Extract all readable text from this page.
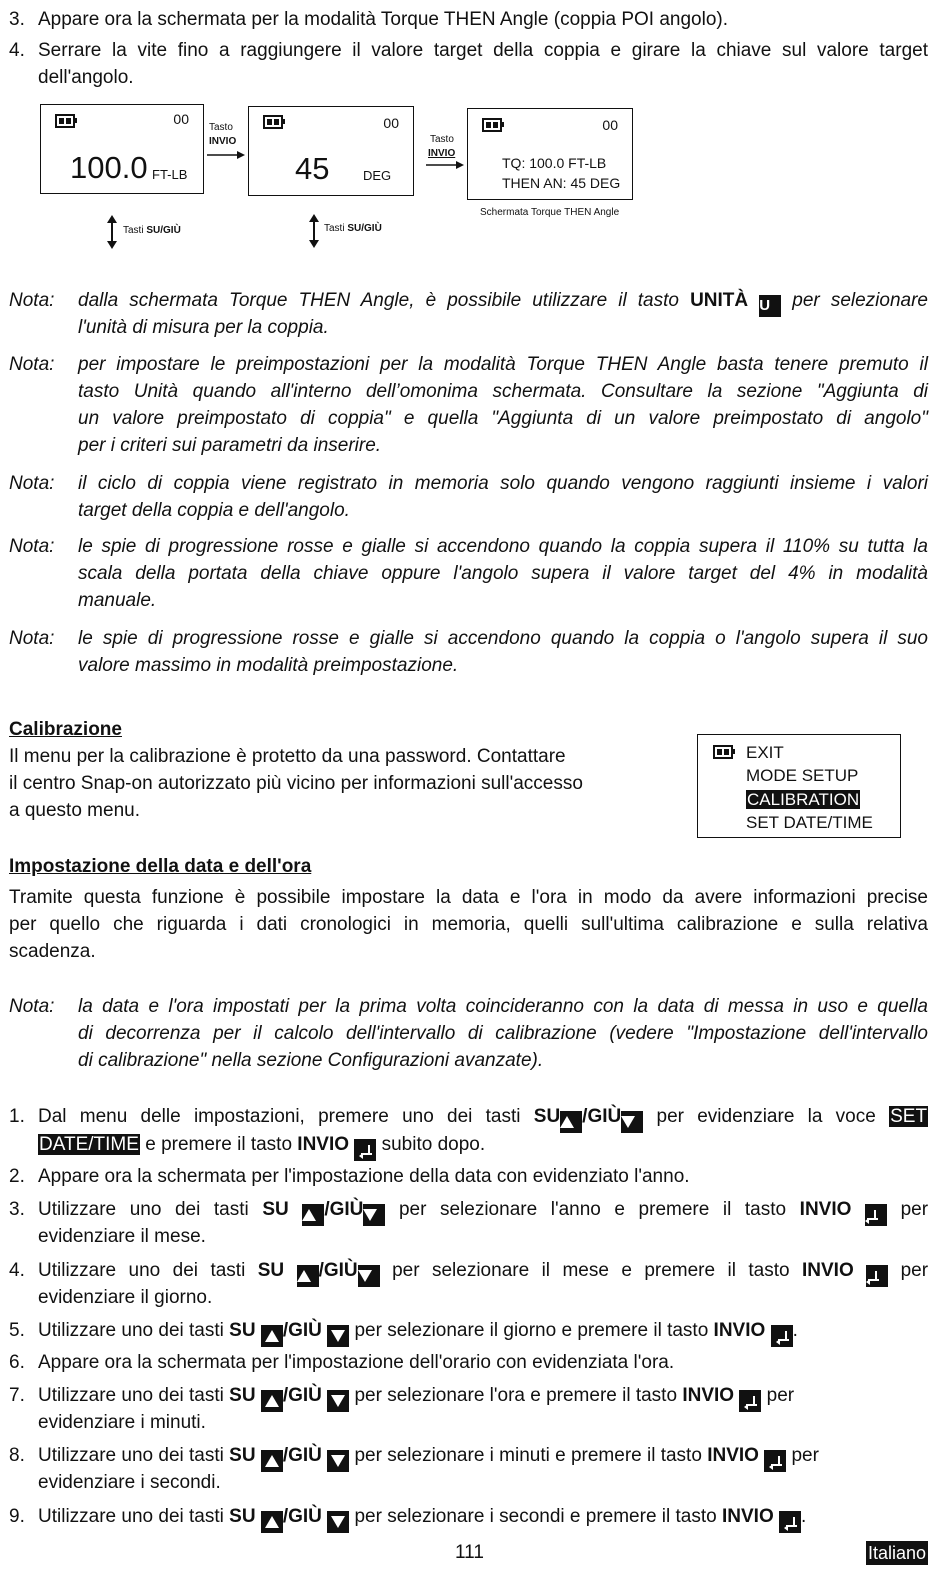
3. Appare ora la schermata per la modalità Torque THEN Angle (coppia POI angolo).
4. Serrare la vite fino a raggiungere il valore target della coppia e girare la chiave sul valore target
dell'angolo.
00
100.0 FT-LB
Tasto
INVIO
00
45	DEG
Tasto
INVIO
00
TQ: 100.0 FT-LB
THEN AN: 45 DEG
Schermata Torque THEN Angle
Tasti SU/GIÙ	Tasti SU/GIÙ
Nota: dalla schermata Torque THEN Angle, è possibile utilizzare il tasto UNITÀ U per selezionare
l'unità di misura per la coppia.
Nota: per impostare le preimpostazioni per la modalità Torque THEN Angle basta tenere premuto il
tasto Unità quando all'interno dell’omonima schermata. Consultare la sezione "Aggiunta di
un valore preimpostato di coppia" e quella "Aggiunta di un valore preimpostato di angolo"
per i criteri sui parametri da inserire.
Nota: il ciclo di coppia viene registrato in memoria solo quando vengono raggiunti insieme i valori
target della coppia e dell'angolo.
Nota: le spie di progressione rosse e gialle si accendono quando la coppia supera il 110% su tutta la
scala della portata della chiave oppure l'angolo supera il valore target del 4% in modalità
manuale.
Nota: le spie di progressione rosse e gialle si accendono quando la coppia o l'angolo supera il suo
valore massimo in modalità preimpostazione.
Calibrazione
Il menu per la calibrazione è protetto da una password. Contattare
il centro Snap-on autorizzato più vicino per informazioni sull'accesso
a questo menu.
EXIT
MODE SETUP
CALIBRATION
SET DATE/TIME
Impostazione della data e dell'ora
Tramite questa funzione è possibile impostare la data e l'ora in modo da avere informazioni precise
per quello che riguarda i dati cronologici in memoria, quelli sull'ultima calibrazione e sulla relativa
scadenza.
Nota: la data e l'ora impostati per la prima volta coincideranno con la data di messa in uso e quella
di decorrenza per il calcolo dell'intervallo di calibrazione (vedere "Impostazione dell'intervallo
di calibrazione" nella sezione Configurazioni avanzate).
1. Dal menu delle impostazioni, premere uno dei tasti SU /GIÙ per evidenziare la voce SET
DATE/TIME e premere il tasto INVIO subito dopo.
2. Appare ora la schermata per l'impostazione della data con evidenziato l'anno.
3. Utilizzare uno dei tasti SU /GIÙ per selezionare l'anno e premere il tasto INVIO	per
evidenziare il mese.
4. Utilizzare uno dei tasti SU /GIÙ per selezionare il mese e premere il tasto INVIO per
evidenziare il giorno.
5. Utilizzare uno dei tasti SU /GIÙ per selezionare il giorno e premere il tasto INVIO .
6. Appare ora la schermata per l'impostazione dell'orario con evidenziata l'ora.
7. Utilizzare uno dei tasti SU /GIÙ per selezionare l'ora e premere il tasto INVIO per
evidenziare i minuti.
8. Utilizzare uno dei tasti SU /GIÙ per selezionare i minuti e premere il tasto INVIO per
evidenziare i secondi.
9. Utilizzare uno dei tasti SU /GIÙ per selezionare i secondi e premere il tasto INVIO .
111	Italiano
